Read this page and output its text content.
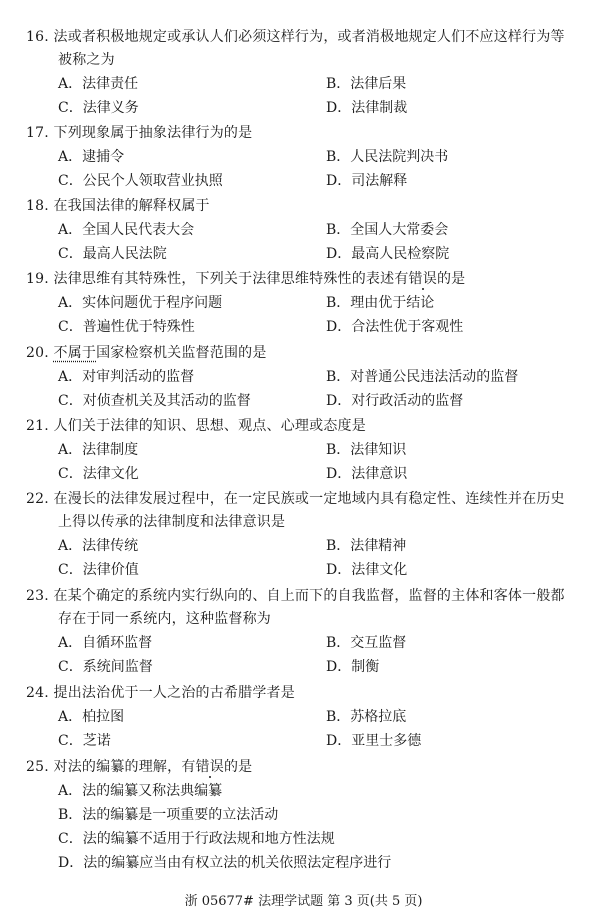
16. 法或者积极地规定或承认人们必须这样行为，或者消极地规定人们不应这样行为等
被称之为
A．法律责任	B．法律后果
C．法律义务	D．法律制裁
17. 下列现象属于抽象法律行为的是
A．逮捕令	B．人民法院判决书
C．公民个人领取营业执照	D．司法解释
18. 在我国法律的解释权属于
A．全国人民代表大会	B．全国人大常委会
C．最高人民法院	D．最高人民检察院
19. 法律思维有其特殊性，下列关于法律思维特殊性的表述有错误的是
A．实体问题优于程序问题	B．理由优于结论
C．普遍性优于特殊性	D．合法性优于客观性
20. 不属于国家检察机关监督范围的是
A．对审判活动的监督	B．对普通公民违法活动的监督
C．对侦查机关及其活动的监督	D．对行政活动的监督
21. 人们关于法律的知识、思想、观点、心理或态度是
A．法律制度	B．法律知识
C．法律文化	D．法律意识
22. 在漫长的法律发展过程中，在一定民族或一定地域内具有稳定性、连续性并在历史
上得以传承的法律制度和法律意识是
A．法律传统	B．法律精神
C．法律价值	D．法律文化
23. 在某个确定的系统内实行纵向的、自上而下的自我监督，监督的主体和客体一般都
存在于同一系统内，这种监督称为
A．自循环监督	B．交互监督
C．系统间监督	D．制衡
24. 提出法治优于一人之治的古希腊学者是
A．柏拉图	B．苏格拉底
C．芝诺	D．亚里士多德
25. 对法的编纂的理解，有错误的是
A．法的编纂又称法典编纂
B．法的编纂是一项重要的立法活动
C．法的编纂不适用于行政法规和地方性法规
D．法的编纂应当由有权立法的机关依照法定程序进行
浙 05677# 法理学试题 第 3 页(共 5 页)
